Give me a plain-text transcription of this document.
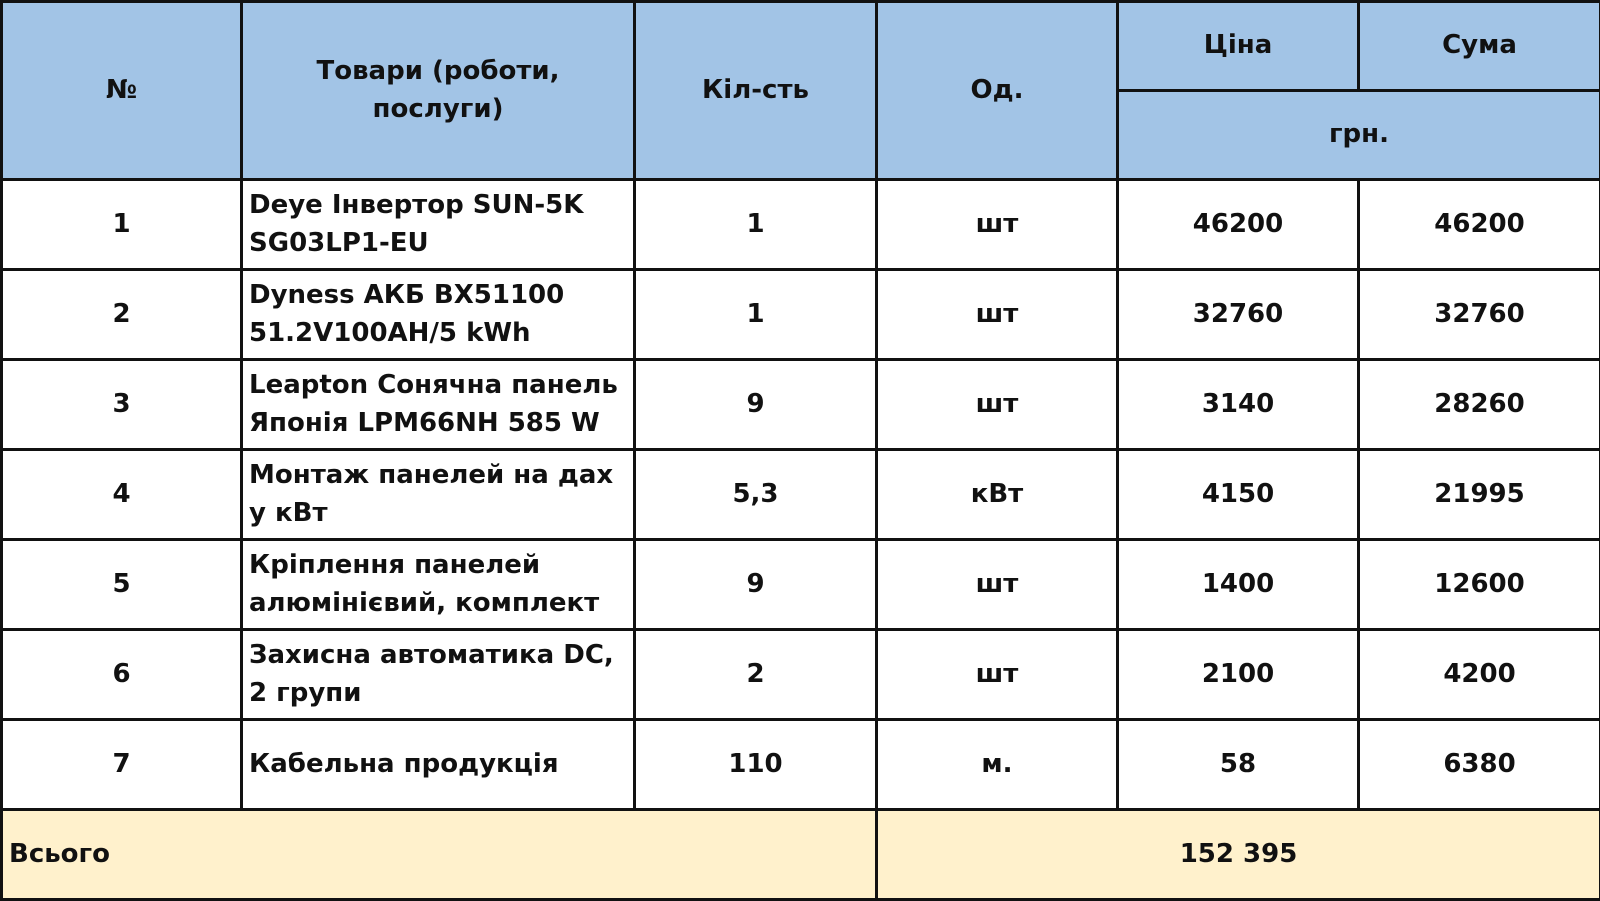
№	Товари (роботи, послуги)	Кіл-сть	Од.	Ціна	Сума
				грн.	
1	Deye Інвертор SUN-5K SG03LP1-EU	1	шт	46200	46200
2	Dyness АКБ BX51100 51.2V100AH/5 kWh	1	шт	32760	32760
3	Leapton Сонячна панель Японія LPM66NH 585 W	9	шт	3140	28260
4	Монтаж панелей на дах у кВт	5,3	кВт	4150	21995
5	Кріплення панелей алюмінієвий, комплект	9	шт	1400	12600
6	Захисна автоматика DC, 2 групи	2	шт	2100	4200
7	Кабельна продукція	110	м.	58	6380
Всього			152 395		
